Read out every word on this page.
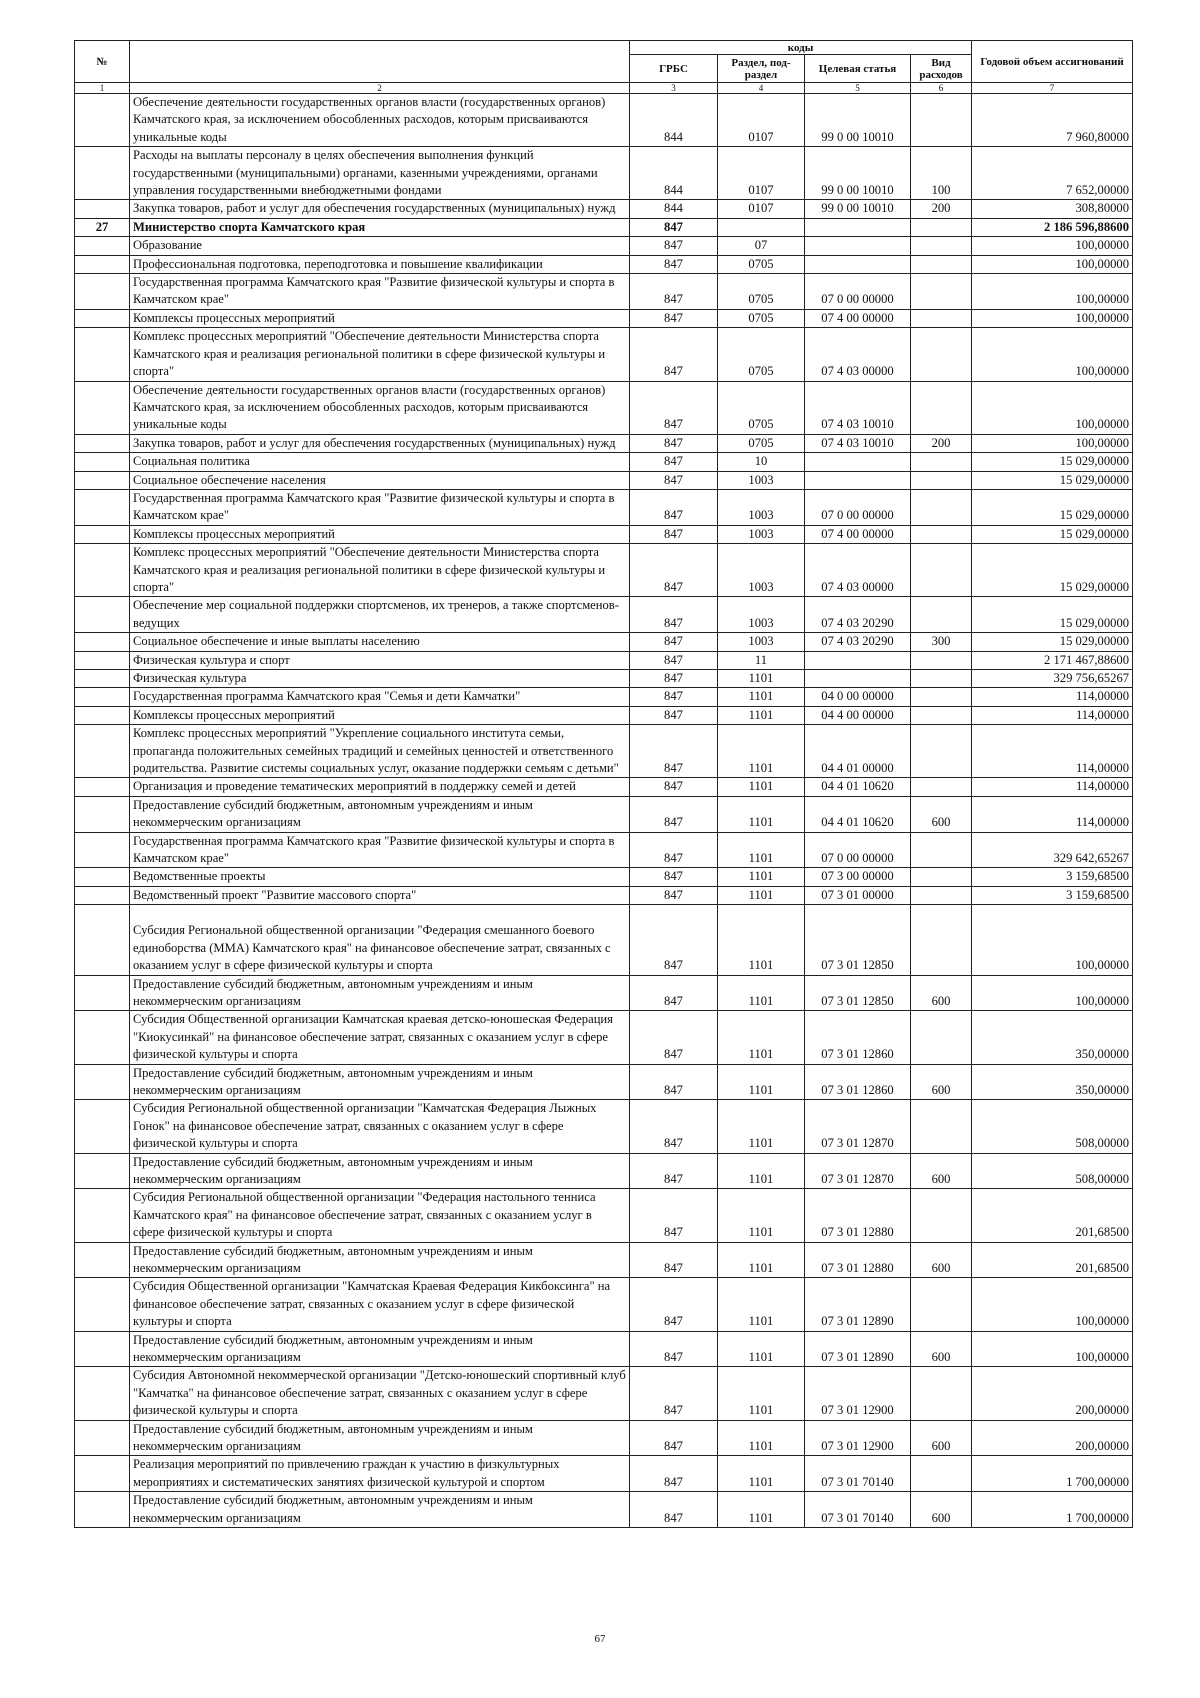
№		коды				Годовой объем ассигнований
		ГРБС	Раздел, под-раздел	Целевая статья	Вид расходов	
1	2	3	4	5	6	7
	Обеспечение деятельности государственных органов власти (государственных органов) Камчатского края, за исключением обособленных расходов, которым присваиваются уникальные коды	844	0107	99 0 00 10010		7 960,80000
	Расходы на выплаты персоналу в целях обеспечения выполнения функций государственными (муниципальными) органами, казенными учреждениями, органами управления государственными внебюджетными фондами	844	0107	99 0 00 10010	100	7 652,00000
	Закупка товаров, работ и услуг для обеспечения государственных (муниципальных) нужд	844	0107	99 0 00 10010	200	308,80000
27	Министерство спорта Камчатского края	847				2 186 596,88600
	Образование	847	07			100,00000
	Профессиональная подготовка, переподготовка и повышение квалификации	847	0705			100,00000
	Государственная программа Камчатского края "Развитие физической культуры и спорта в Камчатском крае"	847	0705	07 0 00 00000		100,00000
	Комплексы процессных мероприятий	847	0705	07 4 00 00000		100,00000
	Комплекс процессных мероприятий "Обеспечение деятельности Министерства спорта Камчатского края и реализация региональной политики в сфере физической культуры и спорта"	847	0705	07 4 03 00000		100,00000
	Обеспечение деятельности государственных органов власти (государственных органов) Камчатского края, за исключением обособленных расходов, которым присваиваются уникальные коды	847	0705	07 4 03 10010		100,00000
	Закупка товаров, работ и услуг для обеспечения государственных (муниципальных) нужд	847	0705	07 4 03 10010	200	100,00000
	Социальная политика	847	10			15 029,00000
	Социальное обеспечение населения	847	1003			15 029,00000
	Государственная программа Камчатского края "Развитие физической культуры и спорта в Камчатском крае"	847	1003	07 0 00 00000		15 029,00000
	Комплексы процессных мероприятий	847	1003	07 4 00 00000		15 029,00000
	Комплекс процессных мероприятий "Обеспечение деятельности Министерства спорта Камчатского края и реализация региональной политики в сфере физической культуры и спорта"	847	1003	07 4 03 00000		15 029,00000
	Обеспечение мер социальной поддержки спортсменов, их тренеров, а также спортсменов-ведущих	847	1003	07 4 03 20290		15 029,00000
	Социальное обеспечение и иные выплаты населению	847	1003	07 4 03 20290	300	15 029,00000
	Физическая культура и спорт	847	11			2 171 467,88600
	Физическая культура	847	1101			329 756,65267
	Государственная программа Камчатского края "Семья и дети Камчатки"	847	1101	04 0 00 00000		114,00000
	Комплексы процессных мероприятий	847	1101	04 4 00 00000		114,00000
	Комплекс процессных мероприятий "Укрепление социального института семьи, пропаганда положительных семейных традиций и семейных ценностей и ответственного родительства. Развитие системы социальных услуг, оказание поддержки семьям с детьми"	847	1101	04 4 01 00000		114,00000
	Организация и проведение тематических мероприятий в поддержку семей и детей	847	1101	04 4 01 10620		114,00000
	Предоставление субсидий бюджетным, автономным учреждениям и иным некоммерческим организациям	847	1101	04 4 01 10620	600	114,00000
	Государственная программа Камчатского края "Развитие физической культуры и спорта в Камчатском крае"	847	1101	07 0 00 00000		329 642,65267
	Ведомственные проекты	847	1101	07 3 00 00000		3 159,68500
	Ведомственный проект "Развитие массового спорта"	847	1101	07 3 01 00000		3 159,68500
	Субсидия Региональной общественной организации "Федерация смешанного боевого единоборства (ММА) Камчатского края" на финансовое обеспечение затрат, связанных с оказанием услуг в сфере физической культуры и спорта	847	1101	07 3 01 12850		100,00000
	Предоставление субсидий бюджетным, автономным учреждениям и иным некоммерческим организациям	847	1101	07 3 01 12850	600	100,00000
	Субсидия Общественной организации Камчатская краевая детско-юношеская Федерация "Киокусинкай" на финансовое обеспечение затрат, связанных с оказанием услуг в сфере физической культуры и спорта	847	1101	07 3 01 12860		350,00000
	Предоставление субсидий бюджетным, автономным учреждениям и иным некоммерческим организациям	847	1101	07 3 01 12860	600	350,00000
	Субсидия Региональной общественной организации "Камчатская Федерация Лыжных Гонок" на финансовое обеспечение затрат, связанных с оказанием услуг в сфере физической культуры и спорта	847	1101	07 3 01 12870		508,00000
	Предоставление субсидий бюджетным, автономным учреждениям и иным некоммерческим организациям	847	1101	07 3 01 12870	600	508,00000
	Субсидия Региональной общественной организации "Федерация настольного тенниса Камчатского края" на финансовое обеспечение затрат, связанных с оказанием услуг в сфере физической культуры и спорта	847	1101	07 3 01 12880		201,68500
	Предоставление субсидий бюджетным, автономным учреждениям и иным некоммерческим организациям	847	1101	07 3 01 12880	600	201,68500
	Субсидия Общественной организации "Камчатская Краевая Федерация Кикбоксинга" на финансовое обеспечение затрат, связанных с оказанием услуг в сфере физической культуры и спорта	847	1101	07 3 01 12890		100,00000
	Предоставление субсидий бюджетным, автономным учреждениям и иным некоммерческим организациям	847	1101	07 3 01 12890	600	100,00000
	Субсидия Автономной некоммерческой организации "Детско-юношеский спортивный клуб "Камчатка" на финансовое обеспечение затрат, связанных с оказанием услуг в сфере физической культуры и спорта	847	1101	07 3 01 12900		200,00000
	Предоставление субсидий бюджетным, автономным учреждениям и иным некоммерческим организациям	847	1101	07 3 01 12900	600	200,00000
	Реализация мероприятий по привлечению граждан к участию в физкультурных мероприятиях и систематических занятиях физической культурой и спортом	847	1101	07 3 01 70140		1 700,00000
	Предоставление субсидий бюджетным, автономным учреждениям и иным некоммерческим организациям	847	1101	07 3 01 70140	600	1 700,00000
67
